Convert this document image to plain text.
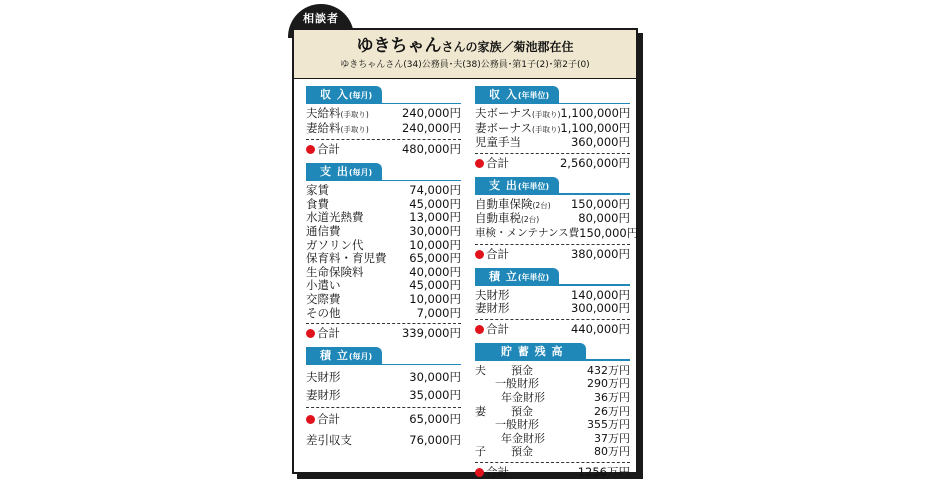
相談者
ゆきちゃんさんの家族／菊池郡在住
ゆきちゃんさん(34)公務員･夫(38)公務員･第1子(2)･第2子(0)
収 入(毎月)
夫給料(手取り)	240,000円
妻給料(手取り)	240,000円
合計	480,000円
支 出(毎月)
家賃	74,000円
食費	45,000円
水道光熱費	13,000円
通信費	30,000円
ガソリン代	10,000円
保育料・育児費 65,000円
生命保険料	40,000円
小遣い	45,000円
交際費	10,000円
その他	7,000円
合計	339,000円
積 立(毎月)
夫財形	30,000円
妻財形	35,000円
合計	65,000円
差引収支	76,000円
収 入(年単位)
夫ボーナス(手取り) 1,100,000円
妻ボーナス(手取り) 1,100,000円
児童手当	360,000円
合計	2,560,000円
支 出(年単位)
自動車保険(2台) 150,000円
自動車税(2台)	80,000円
車検・メンテナンス費 150,000円
合計	380,000円
積 立(年単位)
夫財形	140,000円
妻財形	300,000円
合計	440,000円
貯 蓄 残 高
夫	預金	432万円
一般財形	290万円
年金財形	36万円
妻	預金	26万円
一般財形	355万円
年金財形	37万円
子	預金	80万円
合計	1256万円
